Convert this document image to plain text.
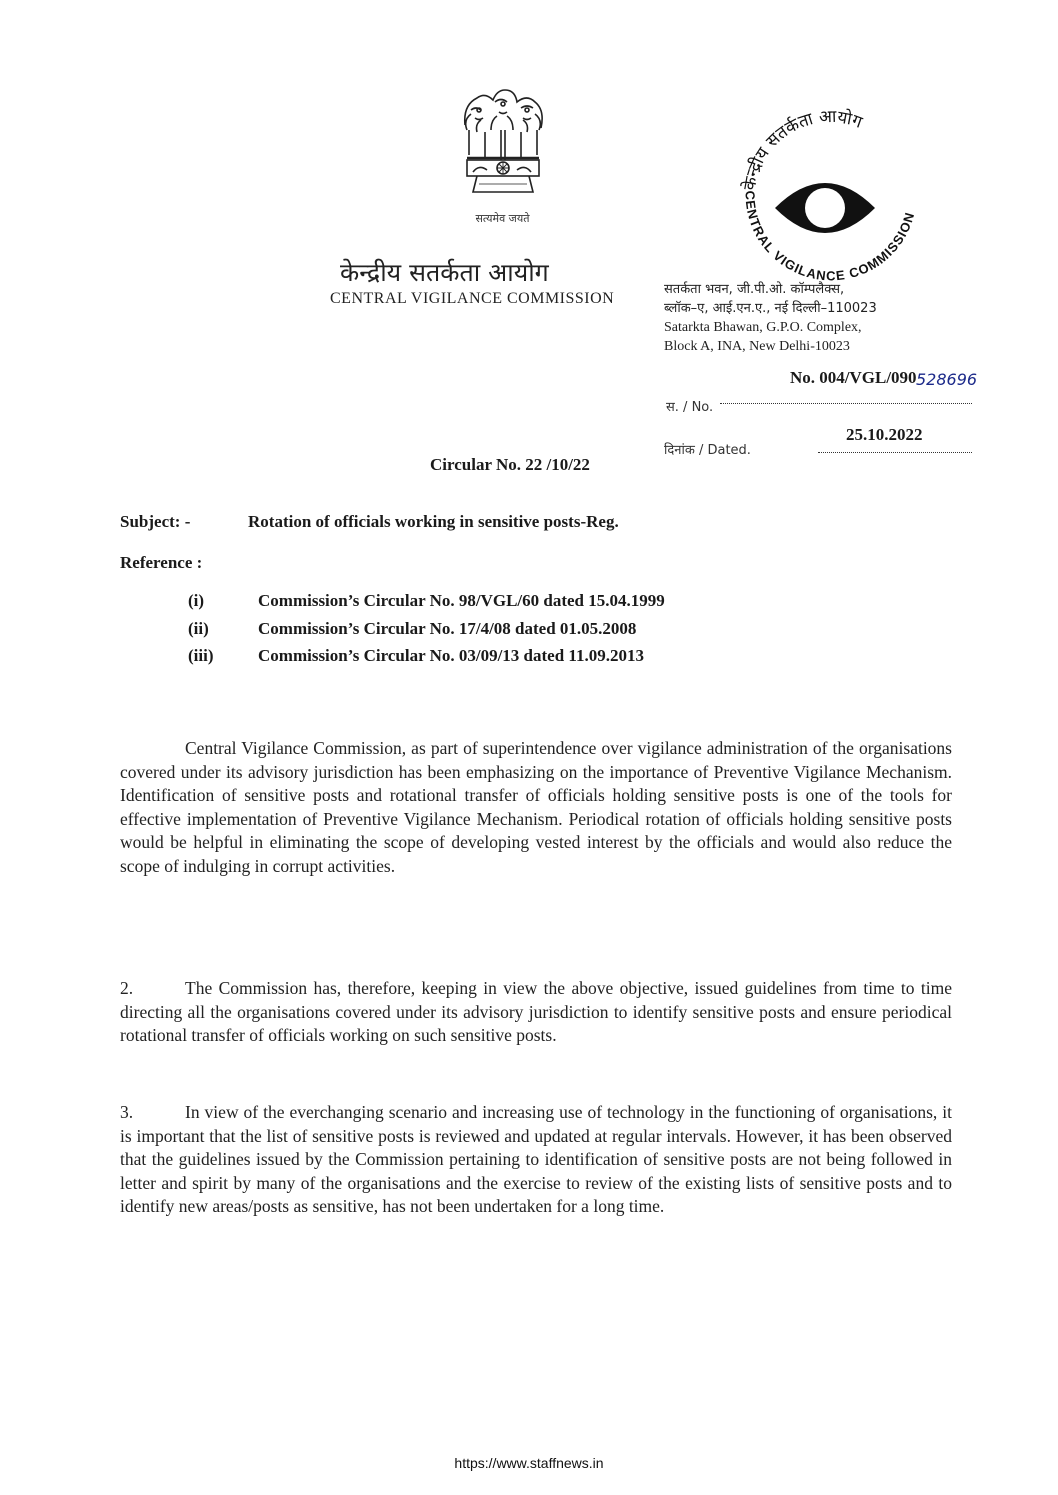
सत्यमेव जयते
केन्द्रीय सतर्कता आयोग
CENTRAL VIGILANCE COMMISSION
केन्द्रीय सतर्कता आयोग
CENTRAL VIGILANCE COMMISSION
सतर्कता भवन, जी.पी.ओ. कॉम्पलैक्स,
ब्लॉक–ए, आई.एन.ए., नई दिल्ली–110023
Satarkta Bhawan, G.P.O. Complex,
Block A, INA, New Delhi-10023
No. 004/VGL/090 528696
स. / No.
दिनांक / Dated.
25.10.2022
Circular No. 22 /10/22
Subject: -	Rotation of officials working in sensitive posts-Reg.
Reference :
(i)	Commission’s Circular No. 98/VGL/60 dated 15.04.1999
(ii)	Commission’s Circular No. 17/4/08 dated 01.05.2008
(iii)	Commission’s Circular No. 03/09/13 dated 11.09.2013
Central Vigilance Commission, as part of superintendence over vigilance administration of the organisations covered under its advisory jurisdiction has been emphasizing on the importance of Preventive Vigilance Mechanism. Identification of sensitive posts and rotational transfer of officials holding sensitive posts is one of the tools for effective implementation of Preventive Vigilance Mechanism. Periodical rotation of officials holding sensitive posts would be helpful in eliminating the scope of developing vested interest by the officials and would also reduce the scope of indulging in corrupt activities.
2.	The Commission has, therefore, keeping in view the above objective, issued guidelines from time to time directing all the organisations covered under its advisory jurisdiction to identify sensitive posts and ensure periodical rotational transfer of officials working on such sensitive posts.
3.	In view of the everchanging scenario and increasing use of technology in the functioning of organisations, it is important that the list of sensitive posts is reviewed and updated at regular intervals. However, it has been observed that the guidelines issued by the Commission pertaining to identification of sensitive posts are not being followed in letter and spirit by many of the organisations and the exercise to review of the existing lists of sensitive posts and to identify new areas/posts as sensitive, has not been undertaken for a long time.
https://www.staffnews.in
